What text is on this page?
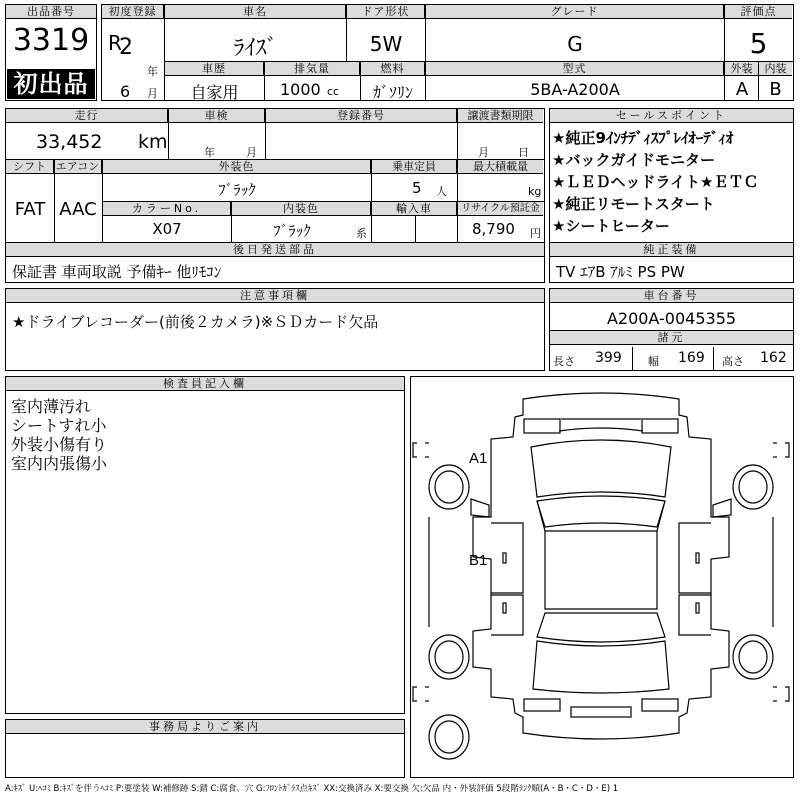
出品番号
3319
初出品
初度登録
R
2
年
6 月
車名
ﾗｲｽﾞ
ドア形状
5W
グレード
G
評価点
5
車歴
自家用
排気量
1000 cc
燃料
ｶﾞｿﾘﾝ
型式
5BA-A200A
外装	内装
A	B
走行
33,452 km
車検
年	月
登録番号	譲渡書類期限
月	日
シフト エアコン
FAT AAC
外装色
ﾌﾞﾗｯｸ
乗車定員
5 人
最大積載量
kg
カラーNo.
X07
内装色
ﾌﾞﾗｯｸ	系
輸入車	リサイクル預託金
8,790 円
後日発送部品
保証書 車両取説 予備ｷｰ 他ﾘﾓｺﾝ
セールスポイント
★純正9ｲﾝﾁﾃﾞｨｽﾌﾟﾚｲｵｰﾃﾞｨｵ
★バックガイドモニター
★ＬＥＤヘッドライト★ＥＴＣ
★純正リモートスタート
★シートヒーター
純正装備
TV ｴｱB ｱﾙﾐ PS PW
注意事項欄
★ドライブレコーダー(前後２カメラ)※ＳＤカード欠品
車台番号
A200A-0045355
諸元
長さ 399 幅 169 高さ 162
検査員記入欄
室内薄汚れ
シートすれ小
外装小傷有り
室内内張傷小
事務局よりご案内
A1
B1
A:ｷｽﾞ U:ﾍｺﾐ B:ｷｽﾞを伴うﾍｺﾐ P:要塗装 W:補修跡 S:錆 C:腐食、穴 G:ﾌﾛﾝﾄｶﾞﾗｽ点ｷｽﾞ XX:交換済み X:要交換 欠:欠品 内・外装評価 5段階ﾗﾝｸ順(A・B・C・D・E) 1
